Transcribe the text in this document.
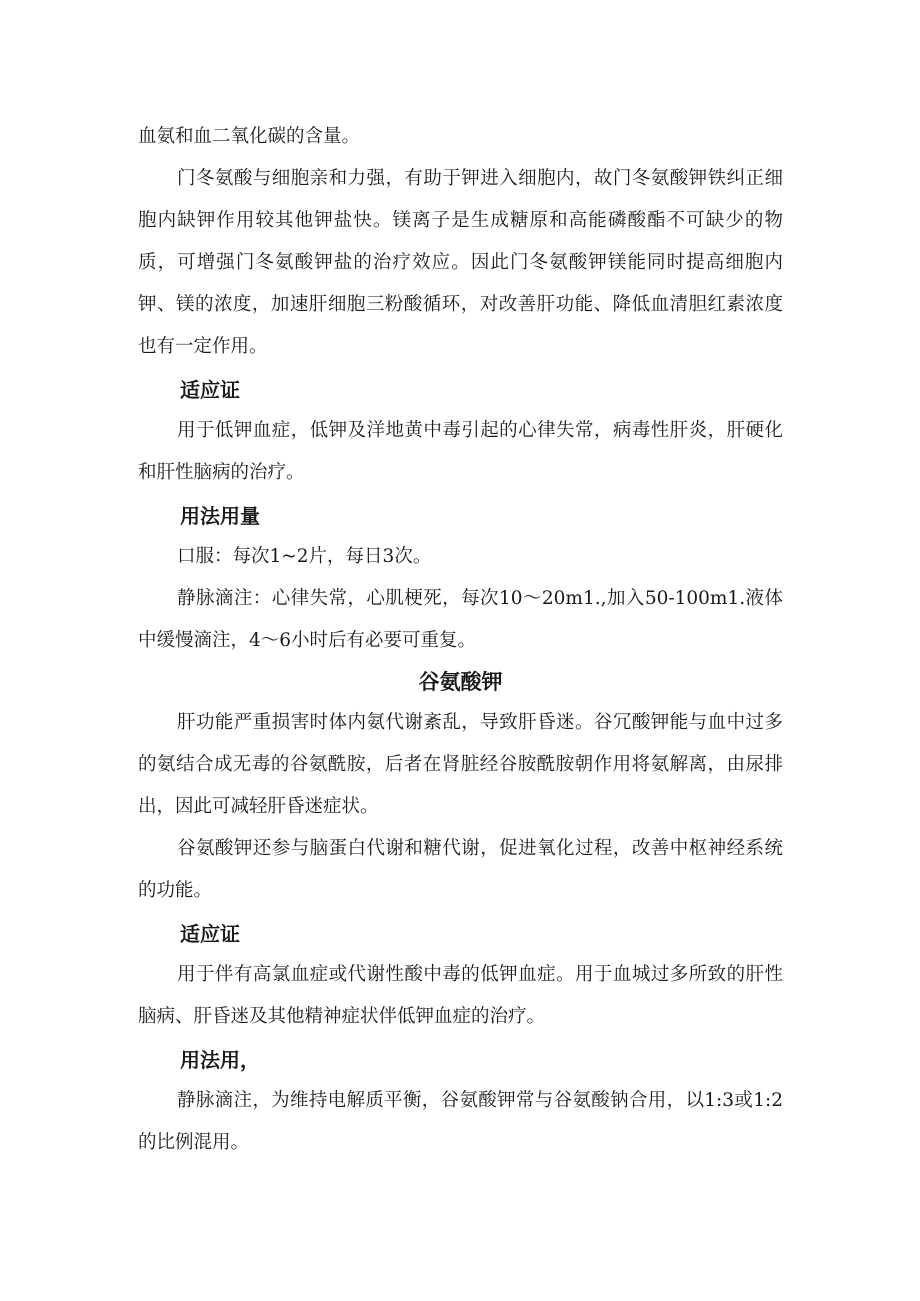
血氨和血二氧化碳的含量。

门冬氨酸与细胞亲和力强，有助于钾进入细胞内，故门冬氨酸钾铁纠正细胞内缺钾作用较其他钾盐快。镁离子是生成糖原和高能磷酸酯不可缺少的物质，可增强门冬氨酸钾盐的治疗效应。因此门冬氨酸钾镁能同时提高细胞内钾、镁的浓度，加速肝细胞三粉酸循环，对改善肝功能、降低血清胆红素浓度也有一定作用。

适应证

用于低钾血症，低钾及洋地黄中毒引起的心律失常，病毒性肝炎，肝硬化和肝性脑病的治疗。

用法用量

口服：每次1~2片，每日3次。

静脉滴注：心律失常，心肌梗死，每次10～20m1.,加入50-100m1.液体中缓慢滴注，4～6小时后有必要可重复。

谷氨酸钾

肝功能严重损害时体内氨代谢紊乱，导致肝昏迷。谷冗酸钾能与血中过多的氨结合成无毒的谷氨酰胺，后者在肾脏经谷胺酰胺朝作用将氨解离，由尿排出，因此可减轻肝昏迷症状。

谷氨酸钾还参与脑蛋白代谢和糖代谢，促进氧化过程，改善中枢神经系统的功能。

适应证

用于伴有高氯血症或代谢性酸中毒的低钾血症。用于血城过多所致的肝性脑病、肝昏迷及其他精神症状伴低钾血症的治疗。

用法用，

静脉滴注，为维持电解质平衡，谷氨酸钾常与谷氨酸钠合用，以1:3或1:2的比例混用。
